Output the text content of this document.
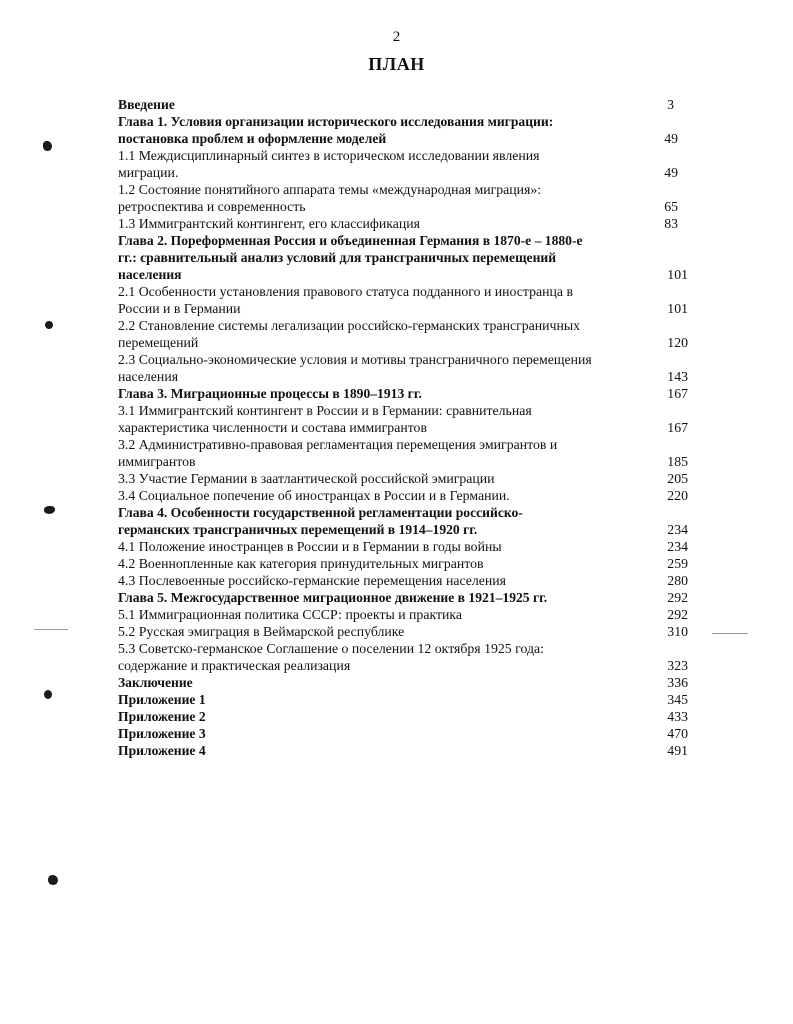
2
ПЛАН
Введение	3
Глава 1. Условия организации исторического исследования миграции:
постановка проблем и оформление моделей	49
1.1 Междисциплинарный синтез в историческом исследовании явления
миграции.	49
1.2 Состояние понятийного аппарата темы «международная миграция»:
ретроспектива и современность	65
1.3 Иммигрантский контингент, его классификация	83
Глава 2. Пореформенная Россия и объединенная Германия в 1870-е – 1880-е
гг.: сравнительный анализ условий для трансграничных перемещений
населения	101
2.1 Особенности установления правового статуса подданного и иностранца в
России и в Германии	101
2.2 Становление системы легализации российско-германских трансграничных
перемещений	120
2.3 Социально-экономические условия и мотивы трансграничного перемещения
населения	143
Глава 3. Миграционные процессы в 1890–1913 гг.	167
3.1 Иммигрантский контингент в России и в Германии: сравнительная
характеристика численности и состава иммигрантов	167
3.2 Административно-правовая регламентация перемещения эмигрантов и
иммигрантов	185
3.3 Участие Германии в заатлантической российской эмиграции	205
3.4 Социальное попечение об иностранцах в России и в Германии.	220
Глава 4. Особенности государственной регламентации российско-
германских трансграничных перемещений в 1914–1920 гг.	234
4.1 Положение иностранцев в России и в Германии в годы войны	234
4.2 Военнопленные как категория принудительных мигрантов	259
4.3 Послевоенные российско-германские перемещения населения	280
Глава 5. Межгосударственное миграционное движение в 1921–1925 гг.	292
5.1 Иммиграционная политика СССР: проекты и практика	292
5.2 Русская эмиграция в Веймарской республике	310
5.3 Советско-германское Соглашение о поселении 12 октября 1925 года:
содержание и практическая реализация	323
Заключение	336
Приложение 1	345
Приложение 2	433
Приложение 3	470
Приложение 4	491
